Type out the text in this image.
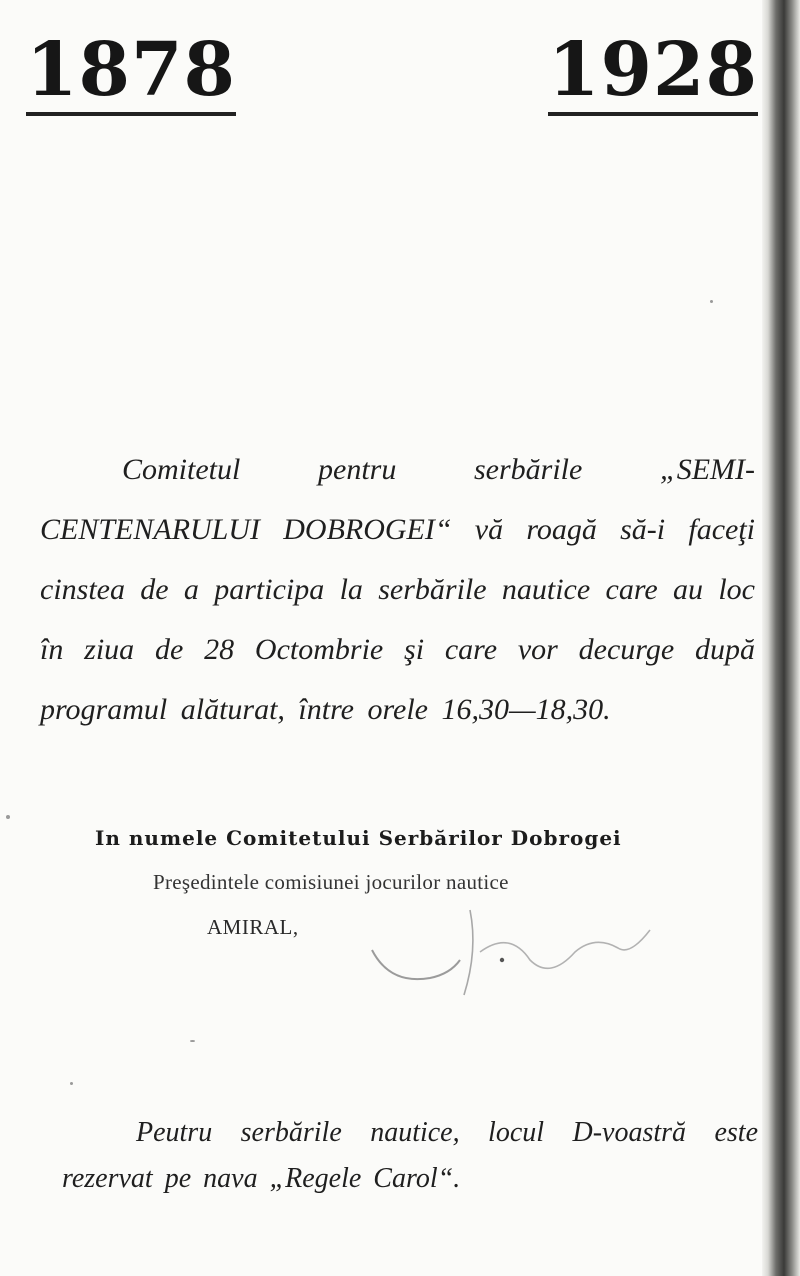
1878	1928

Comitetul pentru serbările „SEMI-CENTENARULUI DOBROGEI“ vă roagă să-i faceţi cinstea de a participa la serbările nautice care au loc în ziua de 28 Octombrie şi care vor decurge după programul alăturat, între orele 16,30—18,30.

In numele Comitetului Serbărilor Dobrogei
Preşedintele comisiunei jocurilor nautice
AMIRAL,

Peutru serbările nautice, locul D-voastră este rezervat pe nava „Regele Carol“.
